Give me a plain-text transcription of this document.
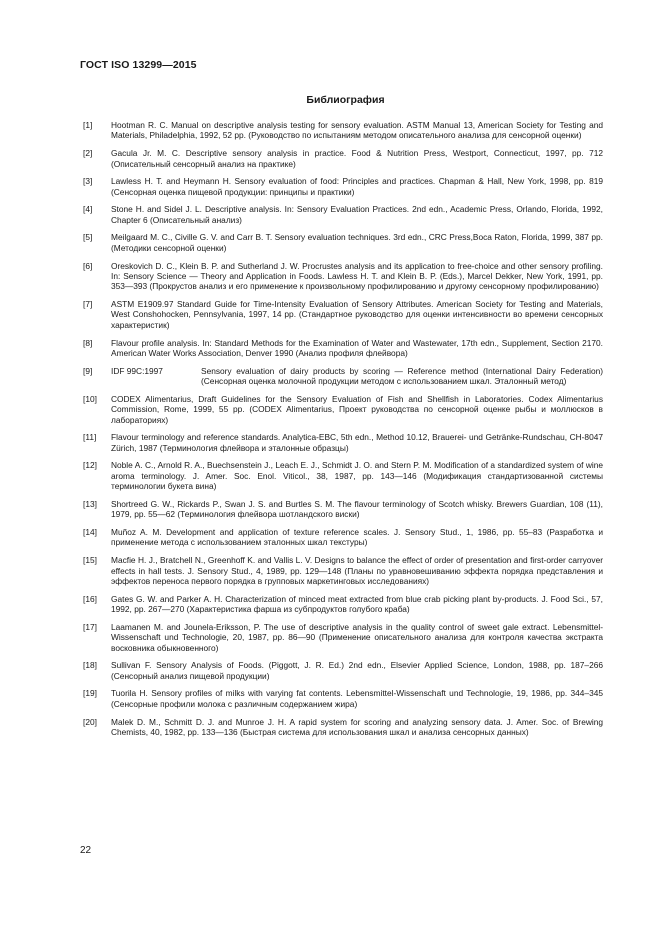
ГОСТ ISO 13299—2015
Библиография
[1]	Hootman R. C. Manual on descriptive analysis testing for sensory evaluation. ASTM Manual 13, American Society for Testing and Materials, Philadelphia, 1992, 52 pp. (Руководство по испытаниям методом описательного анализа для сенсорной оценки)
[2]	Gacula Jr. M. C. Descriptive sensory analysis in practice. Food & Nutrition Press, Westport, Connecticut, 1997, pp. 712 (Описательный сенсорный анализ на практике)
[3]	Lawless H. T. and Heymann H. Sensory evaluation of food: Principles and practices. Chapman & Hall, New York, 1998, pp. 819 (Сенсорная оценка пищевой продукции: принципы и практики)
[4]	Stone H. and Sidel J. L. Descriptive analysis. In: Sensory Evaluation Practices. 2nd edn., Academic Press, Orlando, Florida, 1992, Chapter 6 (Описательный анализ)
[5]	Meilgaard M. C., Civille G. V. and Carr B. T. Sensory evaluation techniques. 3rd edn., CRC Press,Boca Raton, Florida, 1999, 387 pp. (Методики сенсорной оценки)
[6]	Oreskovich D. C., Klein B. P. and Sutherland J. W. Procrustes analysis and its application to free-choice and other sensory profiling. In: Sensory Science — Theory and Application in Foods. Lawless H. T. and Klein B. P. (Eds.), Marcel Dekker, New York, 1991, pp. 353—393 (Прокрустов анализ и его применение к произвольному профилированию и другому сенсорному профилированию)
[7]	ASTM E1909.97 Standard Guide for Time-Intensity Evaluation of Sensory Attributes. American Society for Testing and Materials, West Conshohocken, Pennsylvania, 1997, 14 pp. (Стандартное руководство для оценки интенсивности во времени сенсорных характеристик)
[8]	Flavour profile analysis. In: Standard Methods for the Examination of Water and Wastewater, 17th edn., Supplement, Section 2170. American Water Works Association, Denver 1990 (Анализ профиля флейвора)
[9]	IDF 99C:1997	Sensory evaluation of dairy products by scoring — Reference method (International Dairy Federation) (Сенсорная оценка молочной продукции методом с использованием шкал. Эталонный метод)
[10]	CODEX Alimentarius, Draft Guidelines for the Sensory Evaluation of Fish and Shellfish in Laboratories. Codex Alimentarius Commission, Rome, 1999, 55 pp. (CODEX Alimentarius, Проект руководства по сенсорной оценке рыбы и моллюсков в лабораториях)
[11]	Flavour terminology and reference standards. Analytica-EBC, 5th edn., Method 10.12, Brauerei- und Getränke-Rundschau, CH-8047 Zürich, 1987 (Терминология флейвора и эталонные образцы)
[12]	Noble A. C., Arnold R. A., Buechsenstein J., Leach E. J., Schmidt J. O. and Stern P. M. Modification of a standardized system of wine aroma terminology. J. Amer. Soc. Enol. Viticol., 38, 1987, pp. 143—146 (Модификация стандартизованной системы терминологии букета вина)
[13]	Shortreed G. W., Rickards P., Swan J. S. and Burtles S. M. The flavour terminology of Scotch whisky. Brewers Guardian, 108 (11), 1979, pp. 55—62 (Терминология флейвора шотландского виски)
[14]	Muñoz A. M. Development and application of texture reference scales. J. Sensory Stud., 1, 1986, pp. 55–83 (Разработка и применение метода с использованием эталонных шкал текстуры)
[15]	Macfie H. J., Bratchell N., Greenhoff K. and Vallis L. V. Designs to balance the effect of order of presentation and first-order carryover effects in hall tests. J. Sensory Stud., 4, 1989, pp. 129—148 (Планы по уравновешиванию эффекта порядка представления и эффектов переноса первого порядка в групповых маркетинговых исследованиях)
[16]	Gates G. W. and Parker A. H. Characterization of minced meat extracted from blue crab picking plant by-products. J. Food Sci., 57, 1992, pp. 267—270 (Характеристика фарша из субпродуктов голубого краба)
[17]	Laamanen M. and Jounela-Eriksson, P. The use of descriptive analysis in the quality control of sweet gale extract. Lebensmittel-Wissenschaft und Technologie, 20, 1987, pp. 86—90 (Применение описательного анализа для контроля качества экстракта восковника обыкновенного)
[18]	Sullivan F. Sensory Analysis of Foods. (Piggott, J. R. Ed.) 2nd edn., Elsevier Applied Science, London, 1988, pp. 187–266 (Сенсорный анализ пищевой продукции)
[19]	Tuorila H. Sensory profiles of milks with varying fat contents. Lebensmittel-Wissenschaft und Technologie, 19, 1986, pp. 344–345 (Сенсорные профили молока с различным содержанием жира)
[20]	Malek D. M., Schmitt D. J. and Munroe J. H. A rapid system for scoring and analyzing sensory data. J. Amer. Soc. of Brewing Chemists, 40, 1982, pp. 133—136 (Быстрая система для использования шкал и анализа сенсорных данных)
22
